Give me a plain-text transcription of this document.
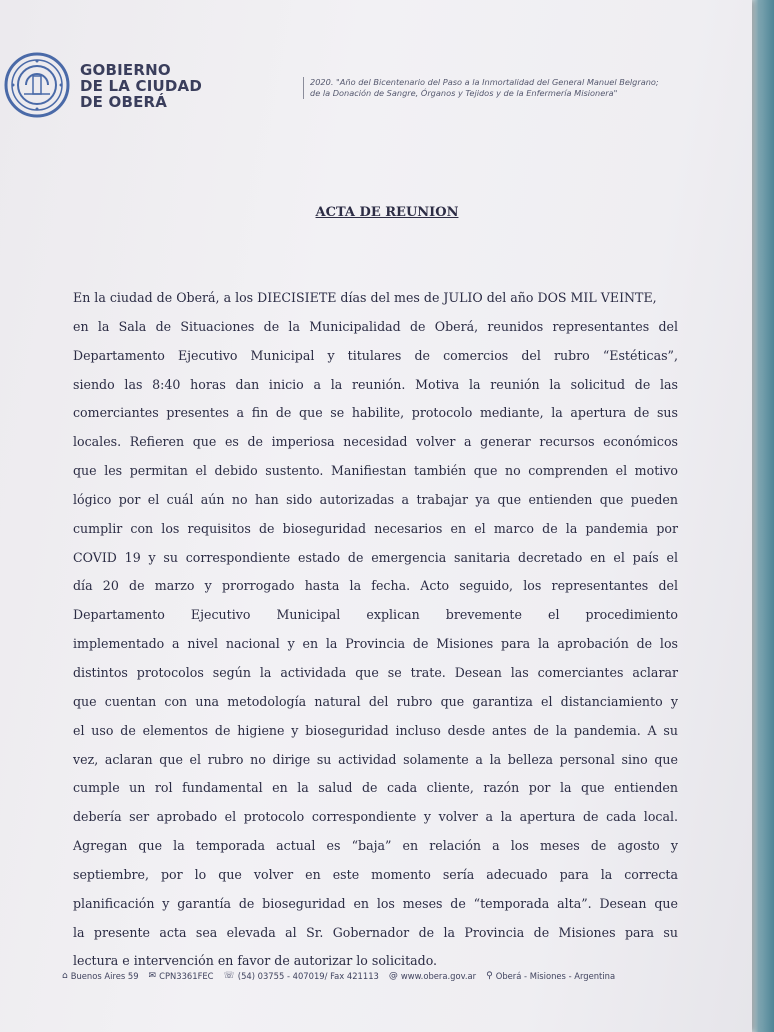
GOBIERNO
DE LA CIUDAD
DE OBERÁ
2020. "Año del Bicentenario del Paso a la Inmortalidad del General Manuel Belgrano;
de la Donación de Sangre, Órganos y Tejidos y de la Enfermería Misionera"
ACTA DE REUNION
En la ciudad de Oberá, a los DIECISIETE días del mes de JULIO del año DOS MIL VEINTE,
en la Sala de Situaciones de la Municipalidad de Oberá, reunidos representantes del
Departamento Ejecutivo Municipal y titulares de comercios del rubro “Estéticas”,
siendo las 8:40 horas dan inicio a la reunión. Motiva la reunión la solicitud de las
comerciantes presentes a fin de que se habilite, protocolo mediante, la apertura de sus
locales. Refieren que es de imperiosa necesidad volver a generar recursos económicos
que les permitan el debido sustento. Manifiestan también que no comprenden el motivo
lógico por el cuál aún no han sido autorizadas a trabajar ya que entienden que pueden
cumplir con los requisitos de bioseguridad necesarios en el marco de la pandemia por
COVID 19 y su correspondiente estado de emergencia sanitaria decretado en el país el
día 20 de marzo y prorrogado hasta la fecha. Acto seguido, los representantes del
Departamento Ejecutivo Municipal explican brevemente el procedimiento
implementado a nivel nacional y en la Provincia de Misiones para la aprobación de los
distintos protocolos según la actividada que se trate. Desean las comerciantes aclarar
que cuentan con una metodología natural del rubro que garantiza el distanciamiento y
el uso de elementos de higiene y bioseguridad incluso desde antes de la pandemia. A su
vez, aclaran que el rubro no dirige su actividad solamente a la belleza personal sino que
cumple un rol fundamental en la salud de cada cliente, razón por la que entienden
debería ser aprobado el protocolo correspondiente y volver a la apertura de cada local.
Agregan que la temporada actual es “baja” en relación a los meses de agosto y
septiembre, por lo que volver en este momento sería adecuado para la correcta
planificación y garantía de bioseguridad en los meses de “temporada alta”. Desean que
la presente acta sea elevada al Sr. Gobernador de la Provincia de Misiones para su
lectura e intervención en favor de autorizar lo solicitado.
⌂ Buenos Aires 59 ✉ CPN3361FEC ☏ (54) 03755 - 407019/ Fax 421113 @ www.obera.gov.ar ⚲ Oberá - Misiones - Argentina
